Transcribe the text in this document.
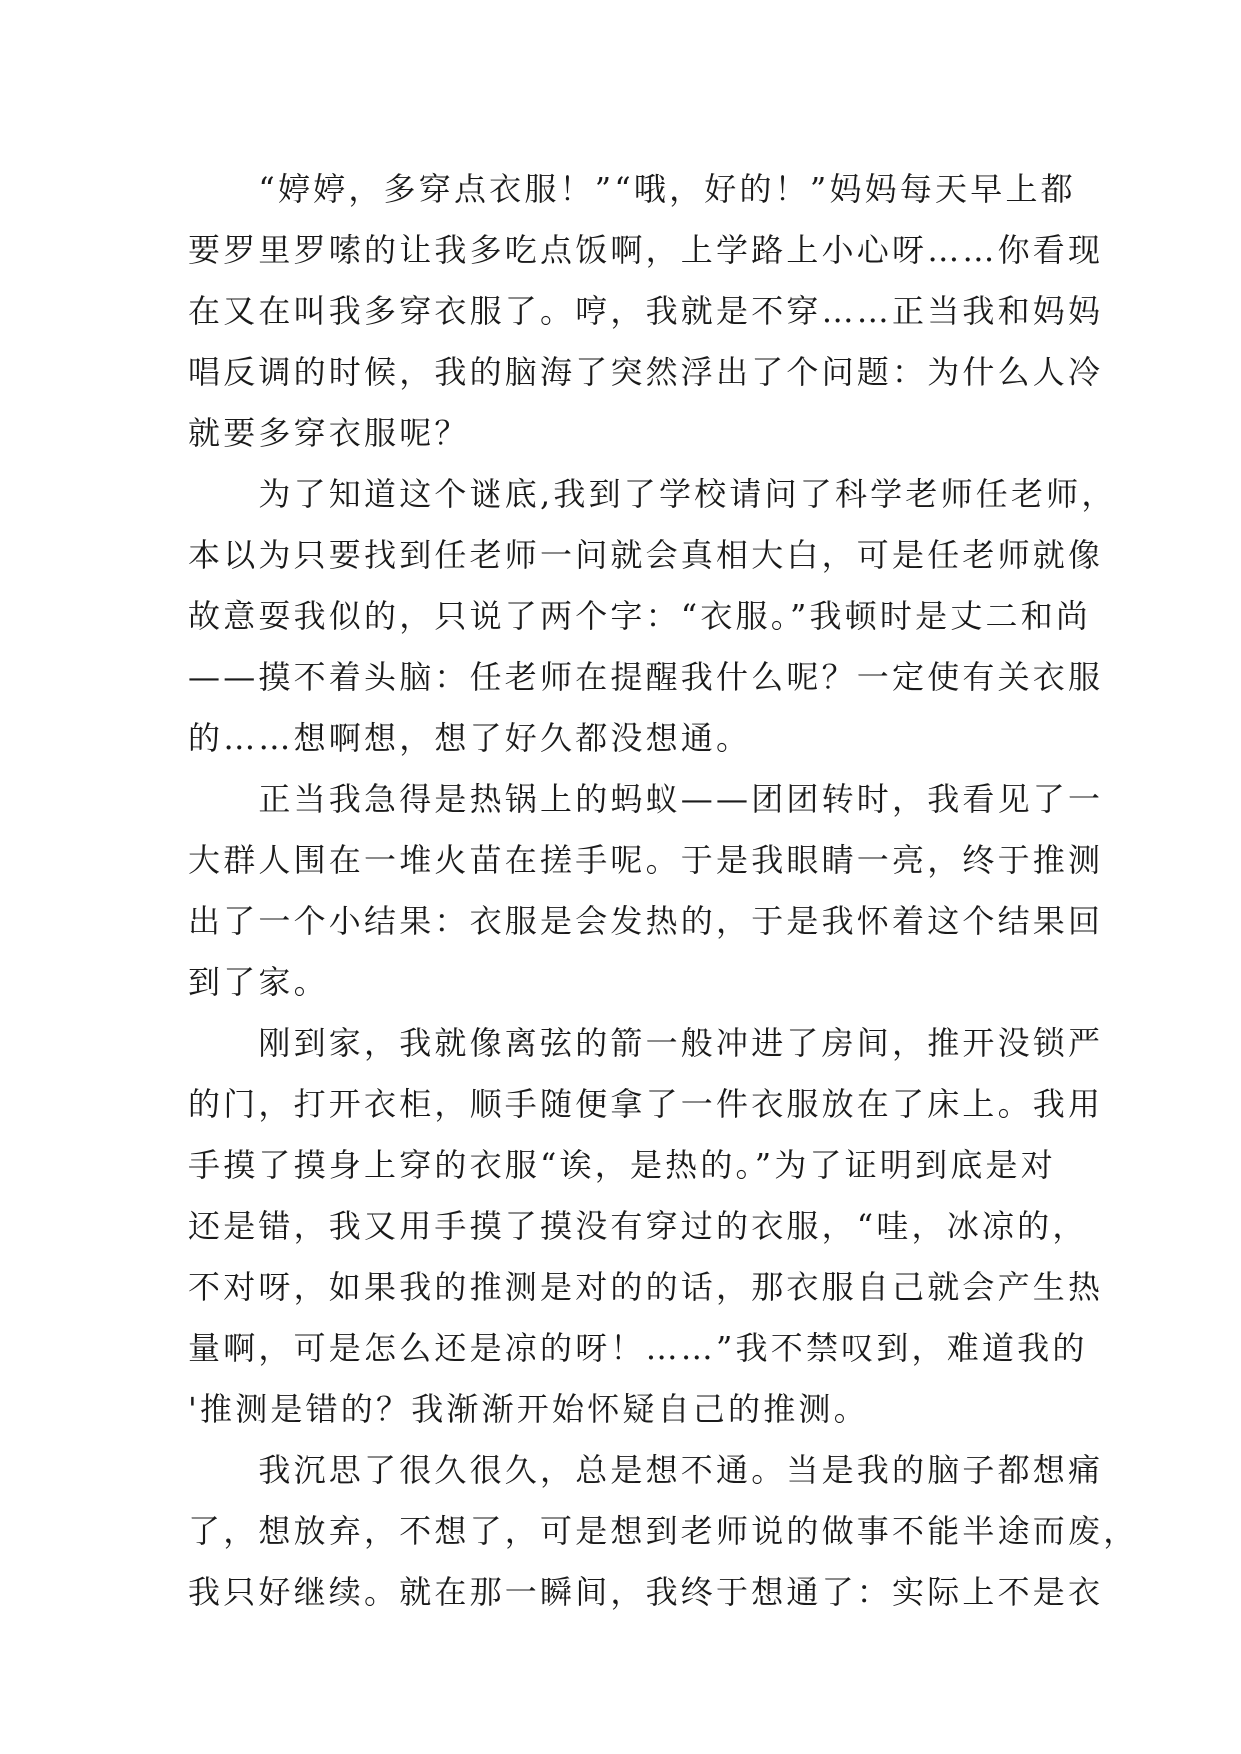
　　“婷婷，多穿点衣服！”“哦，好的！”妈妈每天早上都
要罗里罗嗦的让我多吃点饭啊，上学路上小心呀……你看现
在又在叫我多穿衣服了。哼，我就是不穿……正当我和妈妈
唱反调的时候，我的脑海了突然浮出了个问题：为什么人冷
就要多穿衣服呢？
　　为了知道这个谜底,我到了学校请问了科学老师任老师，
本以为只要找到任老师一问就会真相大白，可是任老师就像
故意耍我似的，只说了两个字：“衣服。”我顿时是丈二和尚
——摸不着头脑：任老师在提醒我什么呢？一定使有关衣服
的……想啊想，想了好久都没想通。
　　正当我急得是热锅上的蚂蚁——团团转时，我看见了一
大群人围在一堆火苗在搓手呢。于是我眼睛一亮，终于推测
出了一个小结果：衣服是会发热的，于是我怀着这个结果回
到了家。
　　刚到家，我就像离弦的箭一般冲进了房间，推开没锁严
的门，打开衣柜，顺手随便拿了一件衣服放在了床上。我用
手摸了摸身上穿的衣服“诶，是热的。”为了证明到底是对
还是错，我又用手摸了摸没有穿过的衣服，“哇，冰凉的，
不对呀，如果我的推测是对的的话，那衣服自己就会产生热
量啊，可是怎么还是凉的呀！……”我不禁叹到，难道我的
'推测是错的？我渐渐开始怀疑自己的推测。
　　我沉思了很久很久，总是想不通。当是我的脑子都想痛
了，想放弃，不想了，可是想到老师说的做事不能半途而废，
我只好继续。就在那一瞬间，我终于想通了：实际上不是衣
